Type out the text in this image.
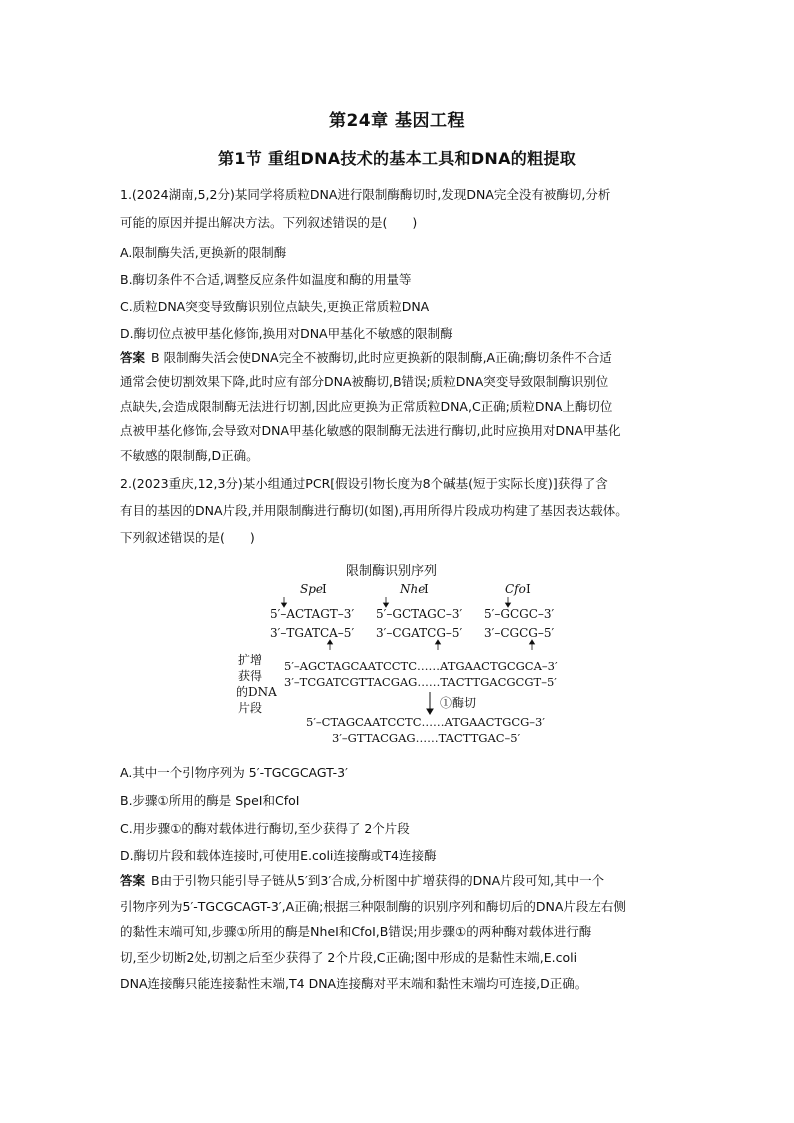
第24章 基因工程
第1节 重组DNA技术的基本工具和DNA的粗提取
1.(2024湖南,5,2分)某同学将质粒DNA进行限制酶酶切时,发现DNA完全没有被酶切,分析
可能的原因并提出解决方法。下列叙述错误的是(　　)
A.限制酶失活,更换新的限制酶
B.酶切条件不合适,调整反应条件如温度和酶的用量等
C.质粒DNA突变导致酶识别位点缺失,更换正常质粒DNA
D.酶切位点被甲基化修饰,换用对DNA甲基化不敏感的限制酶
答案 B 限制酶失活会使DNA完全不被酶切,此时应更换新的限制酶,A正确;酶切条件不合适
通常会使切割效果下降,此时应有部分DNA被酶切,B错误;质粒DNA突变导致限制酶识别位
点缺失,会造成限制酶无法进行切割,因此应更换为正常质粒DNA,C正确;质粒DNA上酶切位
点被甲基化修饰,会导致对DNA甲基化敏感的限制酶无法进行酶切,此时应换用对DNA甲基化
不敏感的限制酶,D正确。
2.(2023重庆,12,3分)某小组通过PCR[假设引物长度为8个碱基(短于实际长度)]获得了含
有目的基因的DNA片段,并用限制酶进行酶切(如图),再用所得片段成功构建了基因表达载体。
下列叙述错误的是(　　)
限制酶识别序列
Spe
Ⅰ	Nhe
Ⅰ	Cfo Ⅰ
5′–ACTAGT–3′
3′–TGATCA–5′
5′–GCTAGC–3′
3′–CGATCG–5′
5′–GCGC–3′
3′–CGCG–5′
扩增
获得
的DNA
片段
5′–AGCTAGCAATCCTC……ATGAACTGCGCA–3′
3′–TCGATCGTTACGAG……TACTTGACGCGT–5′
①酶切
5′–CTAGCAATCCTC……ATGAACTGCG–3′
3′–GTTACGAG……TACTTGAC–5′
A.其中一个引物序列为 5′-TGCGCAGT-3′
B.步骤①所用的酶是 SpeⅠ和CfoⅠ
C.用步骤①的酶对载体进行酶切,至少获得了 2个片段
D.酶切片段和载体连接时,可使用E.coli连接酶或T4连接酶
答案 B由于引物只能引导子链从5′到3′合成,分析图中扩增获得的DNA片段可知,其中一个
引物序列为5′-TGCGCAGT-3′,A正确;根据三种限制酶的识别序列和酶切后的DNA片段左右侧
的黏性末端可知,步骤①所用的酶是NheⅠ和CfoⅠ,B错误;用步骤①的两种酶对载体进行酶
切,至少切断2处,切割之后至少获得了 2个片段,C正确;图中形成的是黏性末端,E.coli
DNA连接酶只能连接黏性末端,T4 DNA连接酶对平末端和黏性末端均可连接,D正确。
